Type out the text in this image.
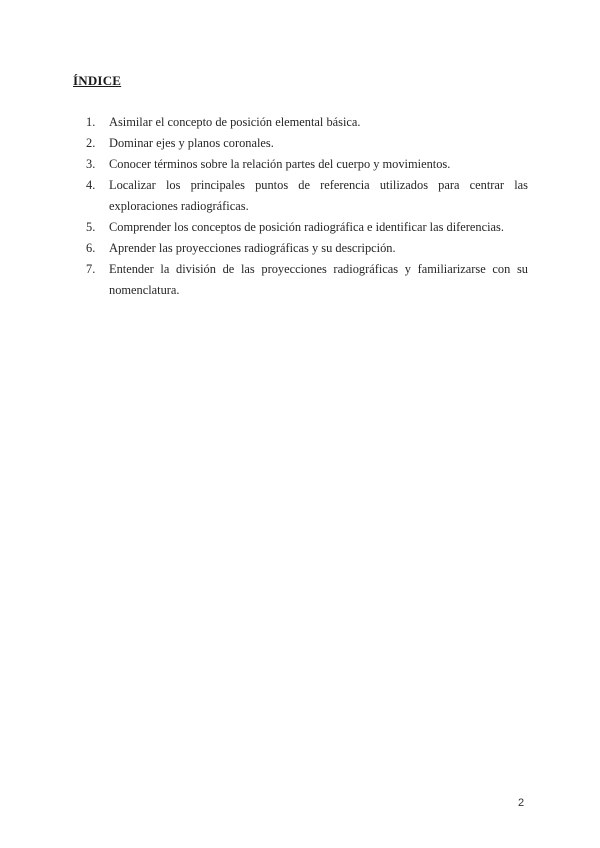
ÍNDICE
1.	Asimilar el concepto de posición elemental básica.
2.	Dominar ejes y planos coronales.
3.	Conocer términos sobre la relación partes del cuerpo y movimientos.
4.	Localizar los principales puntos de referencia utilizados para centrar las exploraciones radiográficas.
5.	Comprender los conceptos de posición radiográfica e identificar las diferencias.
6.	Aprender las proyecciones radiográficas y su descripción.
7.	Entender la división de las proyecciones radiográficas y familiarizarse con su nomenclatura.
2
